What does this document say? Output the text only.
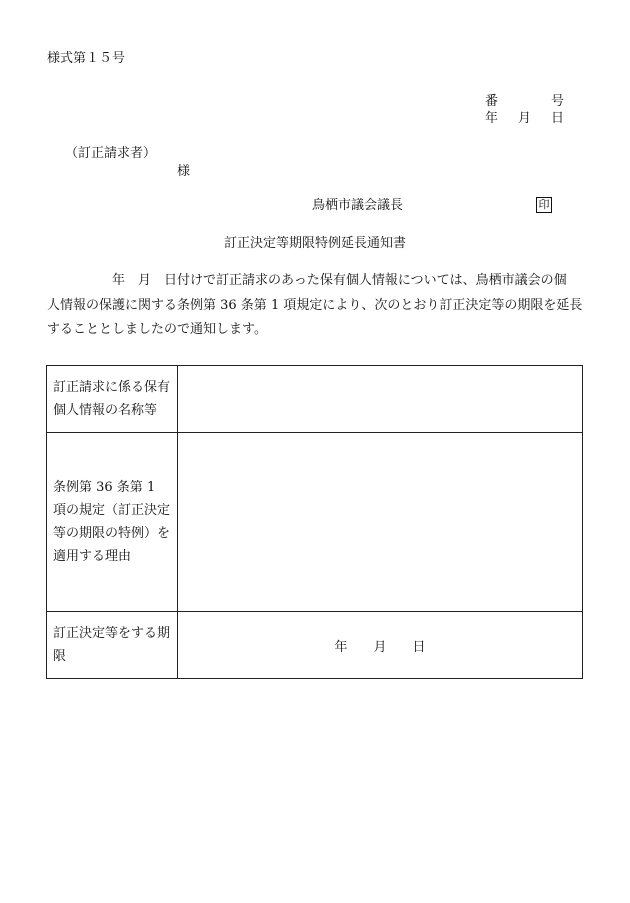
様式第１５号
番	号
年 月 日
（訂正請求者）
様
鳥栖市議会議長	印
訂正決定等期限特例延長通知書
　　　　　年　月　日付けで訂正請求のあった保有個人情報については、鳥栖市議会の個
人情報の保護に関する条例第 36 条第 1 項規定により、次のとおり訂正決定等の期限を延長
することとしましたので通知します。
訂正請求に係る保有個人情報の名称等	
条例第 36 条第 1 項の規定（訂正決定等の期限の特例）を適用する理由	
訂正決定等をする期限	年　　月　　日
